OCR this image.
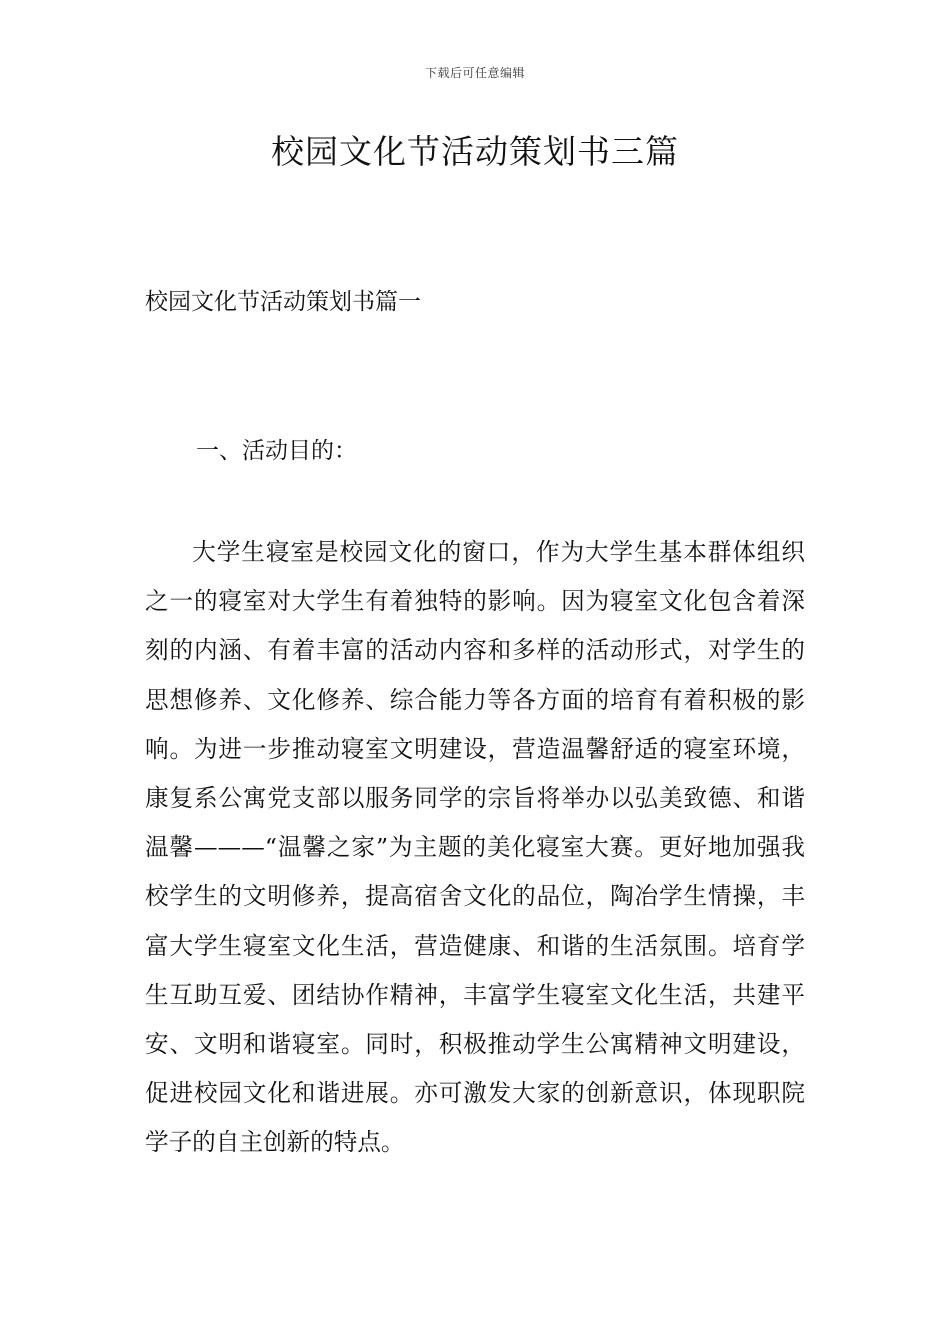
下载后可任意编辑
校园文化节活动策划书三篇
校园文化节活动策划书篇一
一、活动目的：

大学生寝室是校园文化的窗口，作为大学生基本群体组织之一的寝室对大学生有着独特的影响。因为寝室文化包含着深刻的内涵、有着丰富的活动内容和多样的活动形式，对学生的思想修养、文化修养、综合能力等各方面的培育有着积极的影响。为进一步推动寝室文明建设，营造温馨舒适的寝室环境，康复系公寓党支部以服务同学的宗旨将举办以弘美致德、和谐温馨———“温馨之家”为主题的美化寝室大赛。更好地加强我校学生的文明修养，提高宿舍文化的品位，陶冶学生情操，丰富大学生寝室文化生活，营造健康、和谐的生活氛围。培育学生互助互爱、团结协作精神，丰富学生寝室文化生活，共建平安、文明和谐寝室。同时，积极推动学生公寓精神文明建设，促进校园文化和谐进展。亦可激发大家的创新意识，体现职院学子的自主创新的特点。
